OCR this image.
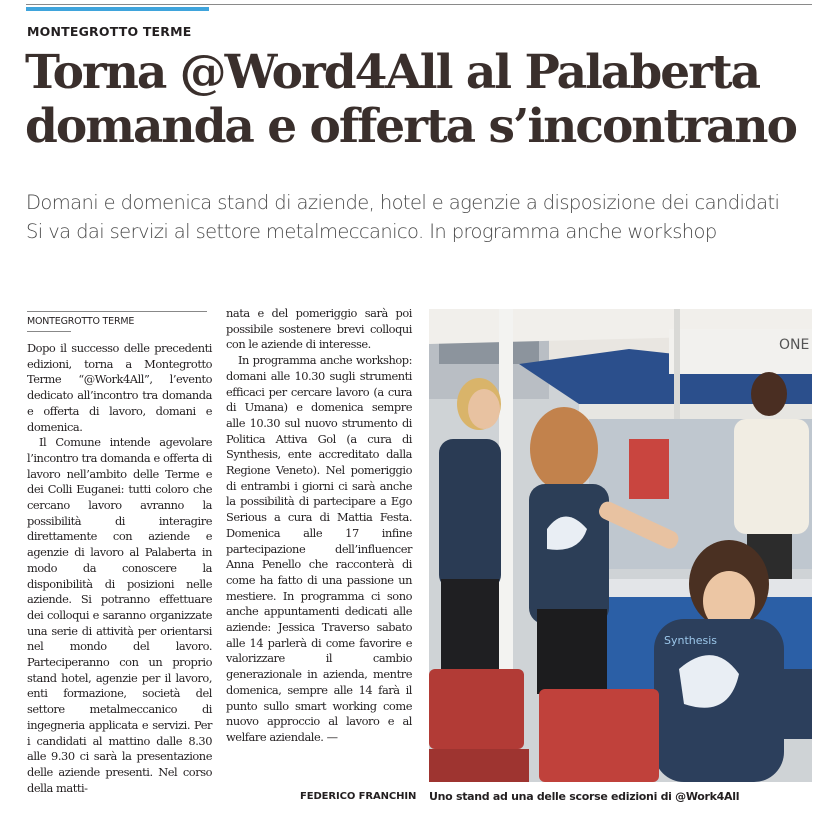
MONTEGROTTO TERME
Torna @Word4All al Palaberta
domanda e offerta s’incontrano
Domani e domenica stand di aziende, hotel e agenzie a disposizione dei candidati
Si va dai servizi al settore metalmeccanico. In programma anche workshop
MONTEGROTTO TERME

Dopo il successo delle precedenti edizioni, torna a Montegrotto Terme “@Work4All”, l’evento dedicato all’incontro tra domanda e offerta di lavoro, domani e domenica.

Il Comune intende agevolare l’incontro tra domanda e offerta di lavoro nell’ambito delle Terme e dei Colli Euganei: tutti coloro che cercano lavoro avranno la possibilità di interagire direttamente con aziende e agenzie di lavoro al Palaberta in modo da conoscere la disponibilità di posizioni nelle aziende. Si potranno effettuare dei colloqui e saranno organizzate una serie di attività per orientarsi nel mondo del lavoro. Parteciperanno con un proprio stand hotel, agenzie per il lavoro, enti formazione, società del settore metalmeccanico di ingegneria applicata e servizi. Per i candidati al mattino dalle 8.30 alle 9.30 ci sarà la presentazione delle aziende presenti. Nel corso della matti-

nata e del pomeriggio sarà poi possibile sostenere brevi colloqui con le aziende di interesse.

In programma anche workshop: domani alle 10.30 sugli strumenti efficaci per cercare lavoro (a cura di Umana) e domenica sempre alle 10.30 sul nuovo strumento di Politica Attiva Gol (a cura di Synthesis, ente accreditato dalla Regione Veneto). Nel pomeriggio di entrambi i giorni ci sarà anche la possibilità di partecipare a Ego Serious a cura di Mattia Festa. Domenica alle 17 infine partecipazione dell’influencer Anna Penello che racconterà di come ha fatto di una passione un mestiere. In programma ci sono anche appuntamenti dedicati alle aziende: Jessica Traverso sabato alle 14 parlerà di come favorire e valorizzare il cambio generazionale in azienda, mentre domenica, sempre alle 14 farà il punto sullo smart working come nuovo approccio al lavoro e al welfare aziendale. —

FEDERICO FRANCHIN
ONE
Synthesis
Uno stand ad una delle scorse edizioni di @Work4All
